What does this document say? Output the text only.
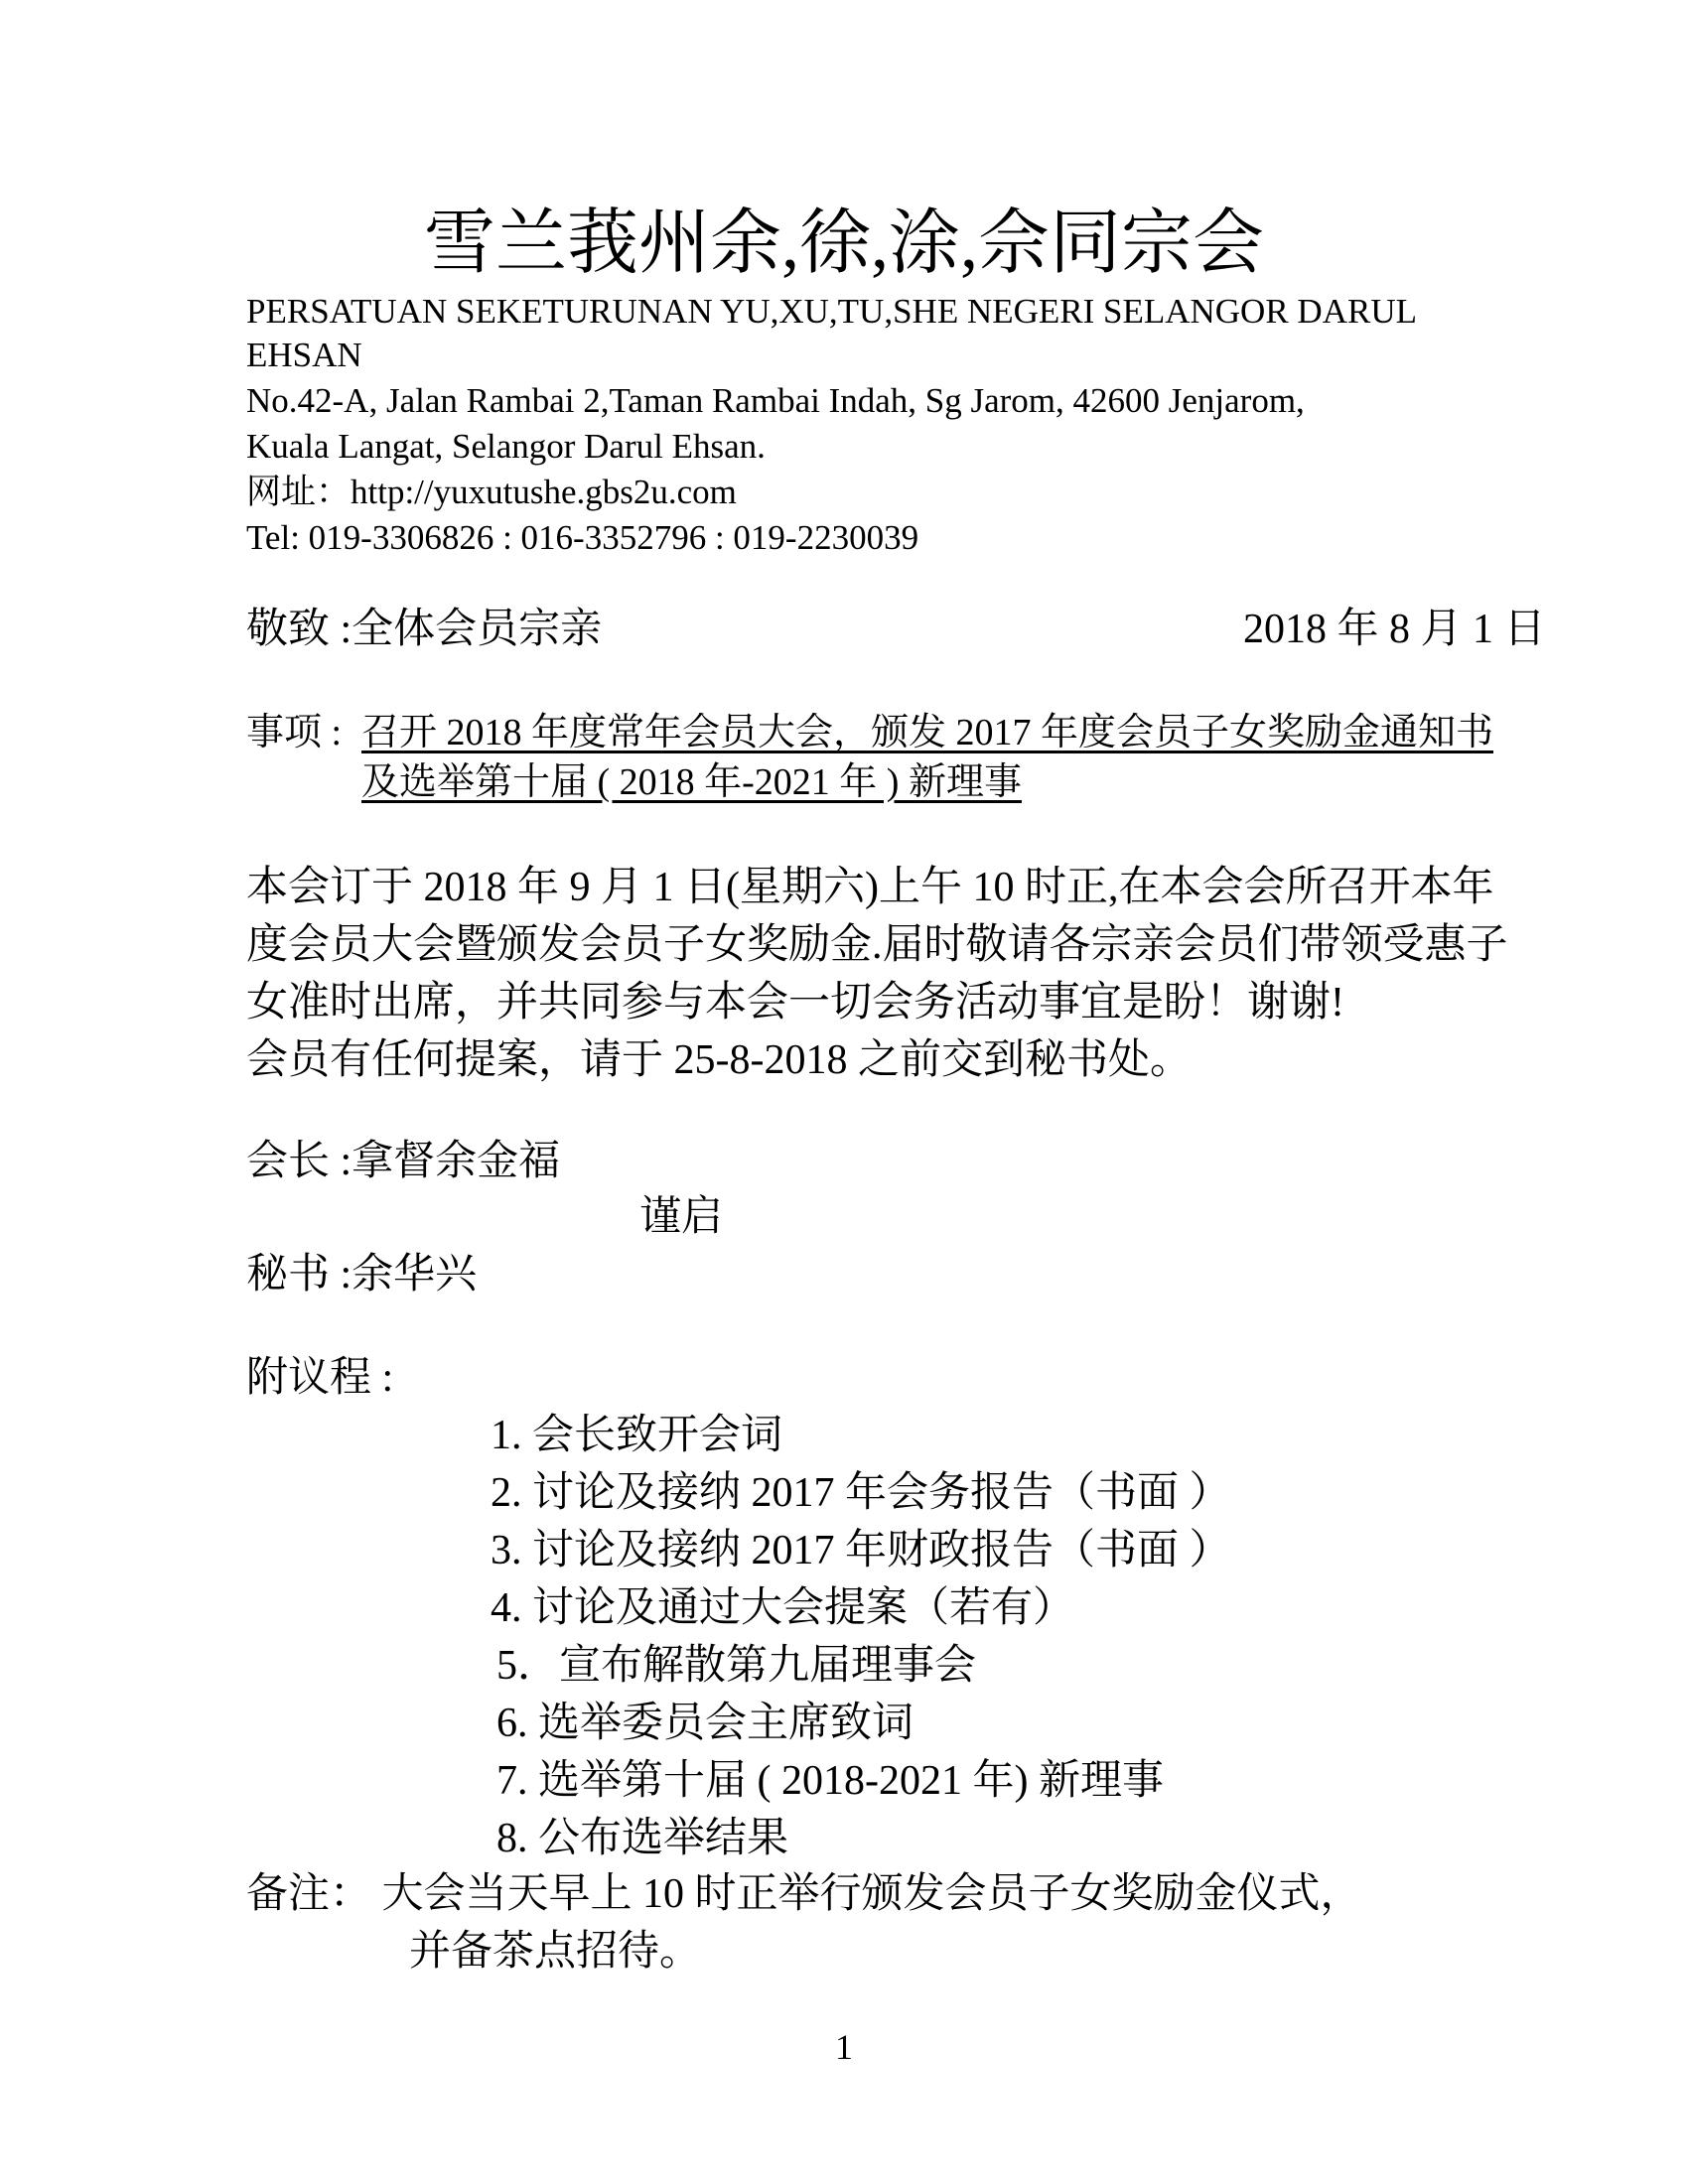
雪兰莪州余,徐,涂,佘同宗会
PERSATUAN SEKETURUNAN YU,XU,TU,SHE NEGERI SELANGOR DARUL
EHSAN
No.42-A, Jalan Rambai 2,Taman Rambai Indah, Sg Jarom, 42600 Jenjarom,
Kuala Langat, Selangor Darul Ehsan.
网址：http://yuxutushe.gbs2u.com
Tel: 019-3306826 : 016-3352796 : 019-2230039
敬致 :全体会员宗亲	2018 年 8 月 1 日
事项 : 召开 2018 年度常年会员大会，颁发 2017 年度会员子女奖励金通知书
及选举第十届 ( 2018 年-2021 年 ) 新理事
本会订于 2018 年 9 月 1 日(星期六)上午 10 时正,在本会会所召开本年
度会员大会暨颁发会员子女奖励金.届时敬请各宗亲会员们带领受惠子
女准时出席，并共同参与本会一切会务活动事宜是盼！谢谢!
会员有任何提案，请于 25-8-2018 之前交到秘书处。
会长 :拿督余金福
谨启
秘书 :余华兴
附议程 :
1. 会长致开会词
2. 讨论及接纳 2017 年会务报告（书面 ）
3. 讨论及接纳 2017 年财政报告（书面 ）
4. 讨论及通过大会提案（若有）
5．宣布解散第九届理事会
6. 选举委员会主席致词
7. 选举第十届 ( 2018-2021 年) 新理事
8. 公布选举结果
备注： 大会当天早上 10 时正举行颁发会员子女奖励金仪式，
并备茶点招待。
1
